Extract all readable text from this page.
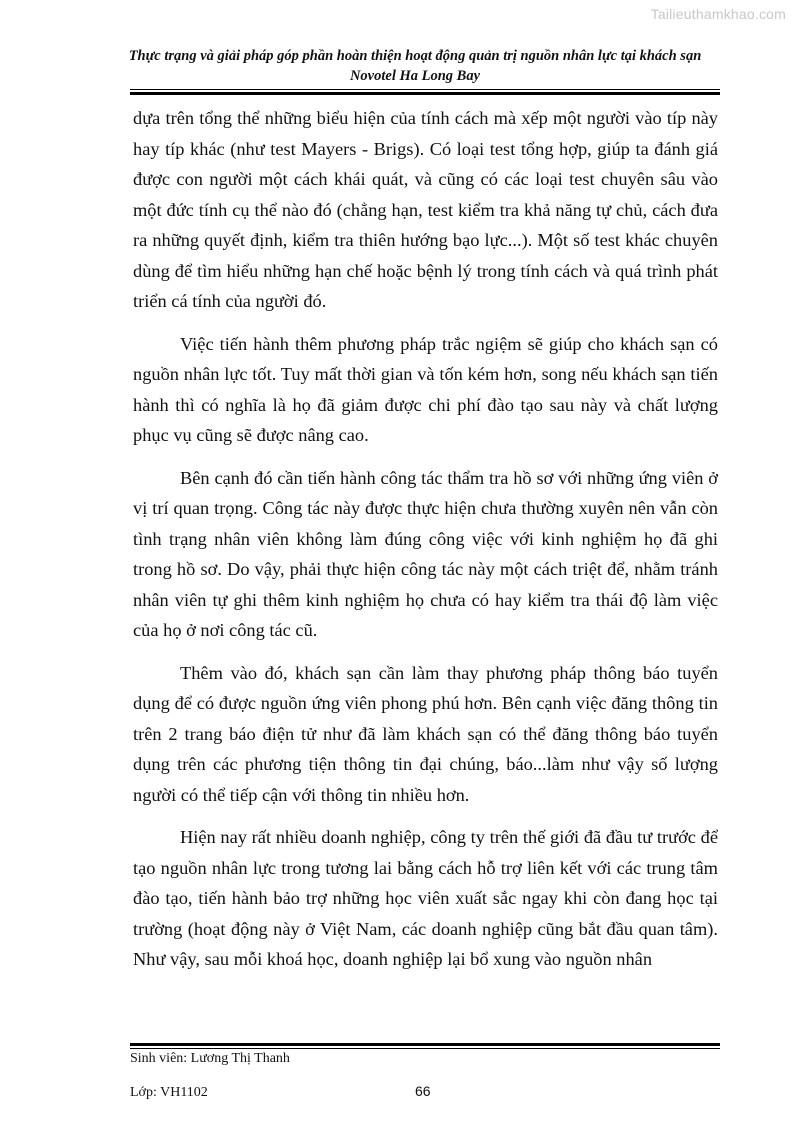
Tailieuthamkhao.com
Thực trạng và giải pháp góp phần hoàn thiện hoạt động quản trị nguồn nhân lực tại khách sạn
Novotel Ha Long Bay

dựa trên tổng thể những biểu hiện của tính cách mà xếp một người vào típ này hay típ khác (như test Mayers - Brigs). Có loại test tổng hợp, giúp ta đánh giá được con người một cách khái quát, và cũng có các loại test chuyên sâu vào một đức tính cụ thể nào đó (chẳng hạn, test kiểm tra khả năng tự chủ, cách đưa ra những quyết định, kiểm tra thiên hướng bạo lực...). Một số test khác chuyên dùng để tìm hiểu những hạn chế hoặc bệnh lý trong tính cách và quá trình phát triển cá tính của người đó.

Việc tiến hành thêm phương pháp trắc ngiệm sẽ giúp cho khách sạn có nguồn nhân lực tốt. Tuy mất thời gian và tốn kém hơn, song nếu khách sạn tiến hành thì có nghĩa là họ đã giảm được chi phí đào tạo sau này và chất lượng phục vụ cũng sẽ được nâng cao.

Bên cạnh đó cần tiến hành công tác thẩm tra hồ sơ với những ứng viên ở vị trí quan trọng. Công tác này được thực hiện chưa thường xuyên nên vẫn còn tình trạng nhân viên không làm đúng công việc với kinh nghiệm họ đã ghi trong hồ sơ. Do vậy, phải thực hiện công tác này một cách triệt để, nhằm tránh nhân viên tự ghi thêm kinh nghiệm họ chưa có hay kiểm tra thái độ làm việc của họ ở nơi công tác cũ.

Thêm vào đó, khách sạn cần làm thay phương pháp thông báo tuyển dụng để có được nguồn ứng viên phong phú hơn. Bên cạnh việc đăng thông tin trên 2 trang báo điện tử như đã làm khách sạn có thể đăng thông báo tuyển dụng trên các phương tiện thông tin đại chúng, báo...làm như vậy số lượng người có thể tiếp cận với thông tin nhiều hơn.

Hiện nay rất nhiều doanh nghiệp, công ty trên thế giới đã đầu tư trước để tạo nguồn nhân lực trong tương lai bằng cách hỗ trợ liên kết với các trung tâm đào tạo, tiến hành bảo trợ những học viên xuất sắc ngay khi còn đang học tại trường (hoạt động này ở Việt Nam, các doanh nghiệp cũng bắt đầu quan tâm). Như vậy, sau mỗi khoá học, doanh nghiệp lại bổ xung vào nguồn nhân

Sinh viên: Lương Thị Thanh
Lớp: VH1102	66
